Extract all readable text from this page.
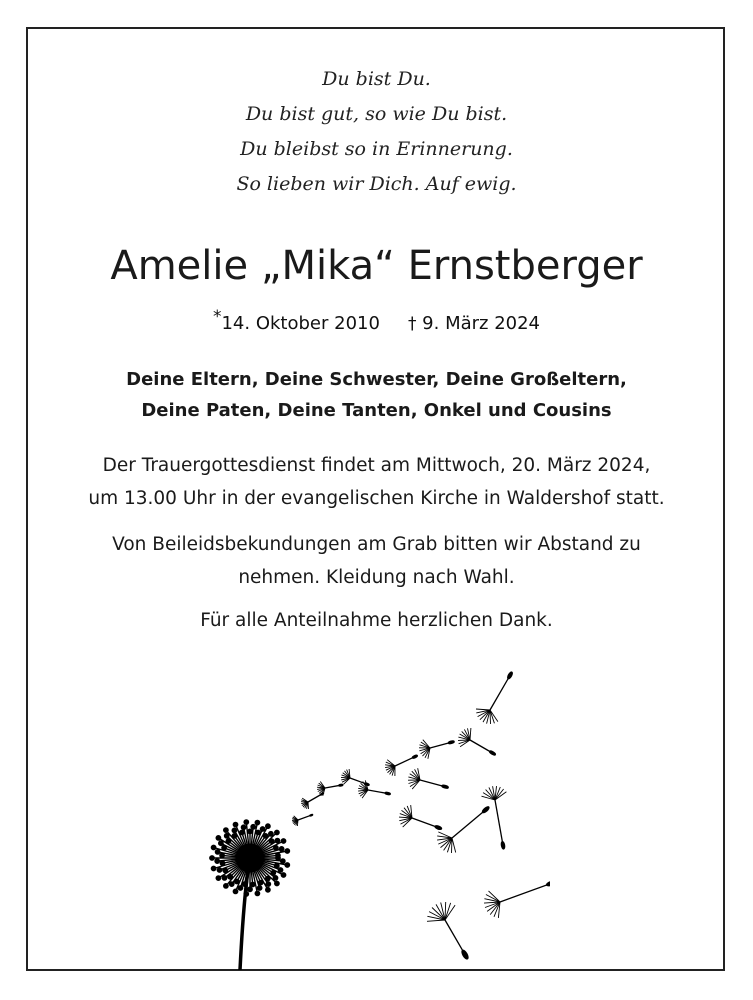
Du bist Du.
Du bist gut, so wie Du bist.
Du bleibst so in Erinnerung.
So lieben wir Dich. Auf ewig.
Amelie „Mika“ Ernstberger
*14. Oktober 2010 † 9. März 2024
Deine Eltern, Deine Schwester, Deine Großeltern,
Deine Paten, Deine Tanten, Onkel und Cousins
Der Trauergottesdienst findet am Mittwoch, 20. März 2024,
um 13.00 Uhr in der evangelischen Kirche in Waldershof statt.
Von Beileidsbekundungen am Grab bitten wir Abstand zu
nehmen. Kleidung nach Wahl.
Für alle Anteilnahme herzlichen Dank.
